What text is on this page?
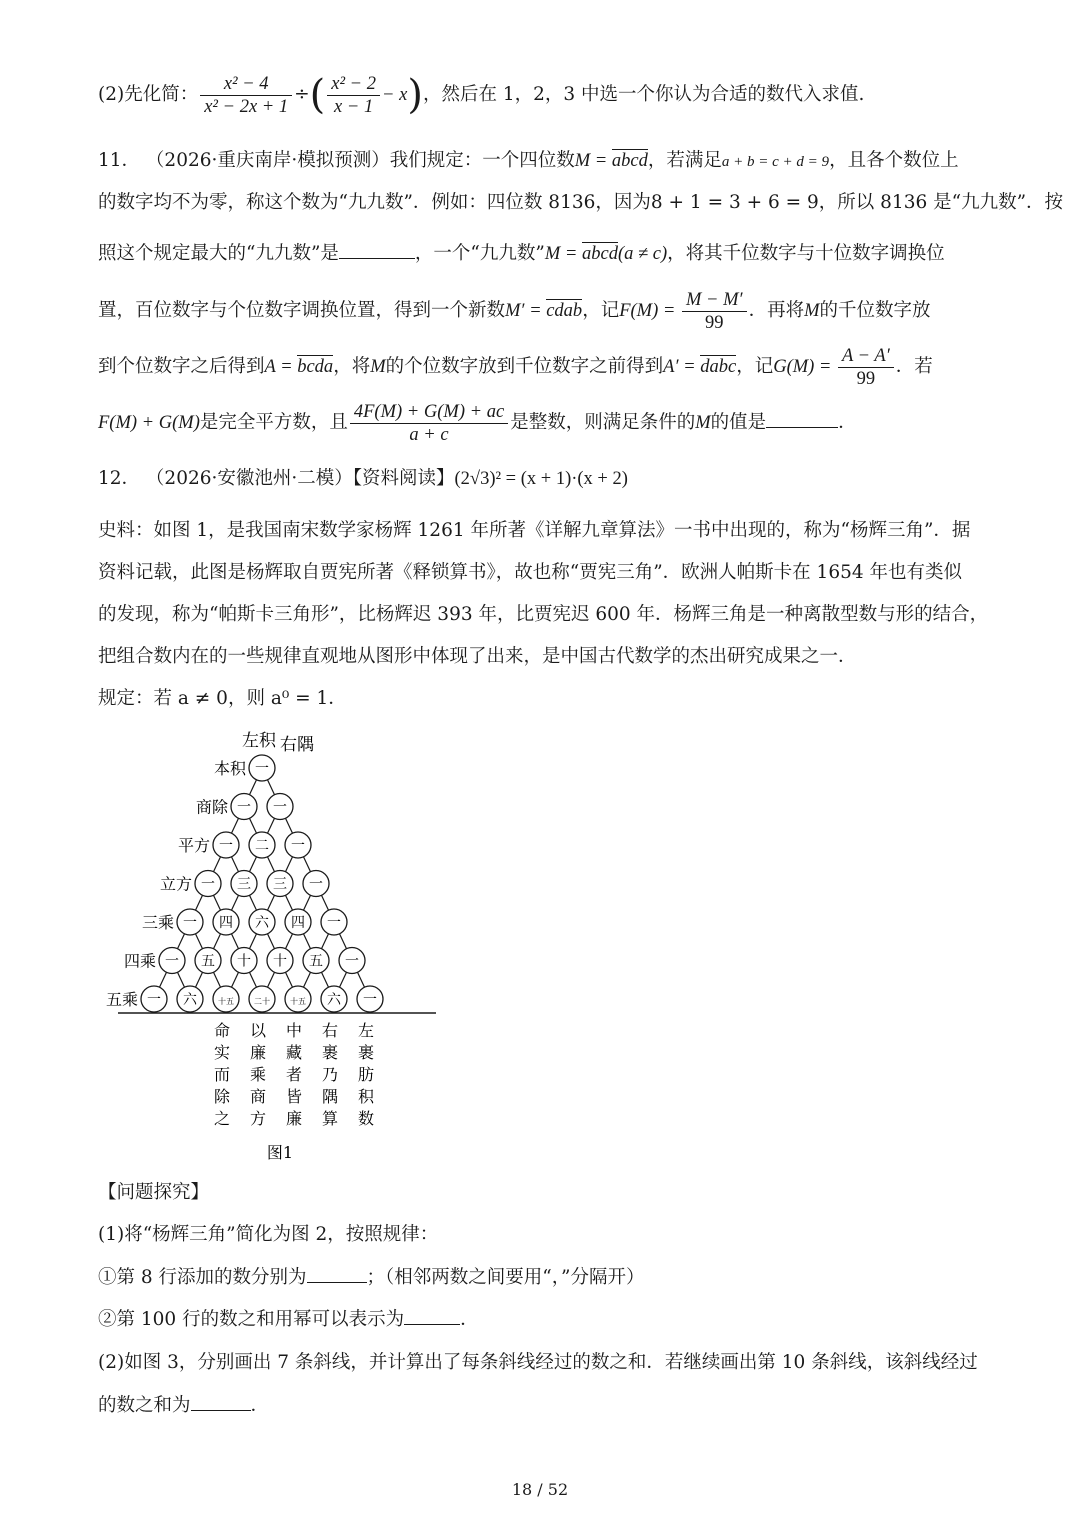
(2)先化简： $\frac{\text{x² − 4}}{\text{x² − 2x + 1}}$ ÷( $\frac{\text{x² − 2}}{x - 1} - x$)，然后在 1，2，3 中选一个你认为合适的数代入求值.
11． （2026·重庆南岸·模拟预测）我们规定：一个四位数M = abcd，若满足a + b = c + d = 9，且各个数位上
的数字均不为零，称这个数为“九九数”．例如：四位数 8136，因为8 + 1 = 3 + 6 = 9，所以 8136 是“九九数”．按
照这个规定最大的“九九数”是	，一个“九九数”M = abcd(a ≠ c)，将其千位数字与十位数字调换位
置，百位数字与个位数字调换位置，得到一个新数M′ = cdab，记$F(M) = \frac{M - M'}{99}$ ．再将M的千位数字放
到个位数字之后得到A = bcda，将M的个位数字放到千位数字之前得到A′ = dabc，记$G(M) = \frac{A - A'}{99}$ ．若
F(M) + G(M)是完全平方数，且 $\frac{4F(M) + G(M) + ac}{a + c}$ 是整数，则满足条件的M的值是	．
12． （2026·安徽池州·二模）【资料阅读】(2√3)² = (x + 1)·(x + 2)
史料：如图 1，是我国南宋数学家杨辉 1261 年所著《详解九章算法》一书中出现的，称为“杨辉三角”．据
资料记载，此图是杨辉取自贾宪所著《释锁算书》，故也称“贾宪三角”．欧洲人帕斯卡在 1654 年也有类似
的发现，称为“帕斯卡三角形”，比杨辉迟 393 年，比贾宪迟 600 年．杨辉三角是一种离散型数与形的结合，
把组合数内在的一些规律直观地从图形中体现了出来，是中国古代数学的杰出研究成果之一．
规定：若 a ≠ 0，则 a⁰ = 1．
一
一 一
一 二 一
一 三 三 一
一 四 六 四 一
一 五 十 十 五 一
一 六	十五	二十	十五 六 一
本积
商除
平方
立方
三乘
四乘
五乘
左积 右隅
命
实
而
除
之
以
廉
乘
商
方
中
藏
者
皆
廉
右
裹
乃
隅
算
左
裹
肪
积
数
图1
【问题探究】
(1)将“杨辉三角”简化为图 2，按照规律：
①第 8 行添加的数分别为	；（相邻两数之间要用“，”分隔开）
②第 100 行的数之和用幂可以表示为	．
(2)如图 3，分别画出 7 条斜线，并计算出了每条斜线经过的数之和．若继续画出第 10 条斜线，该斜线经过
的数之和为	．
18 / 52
